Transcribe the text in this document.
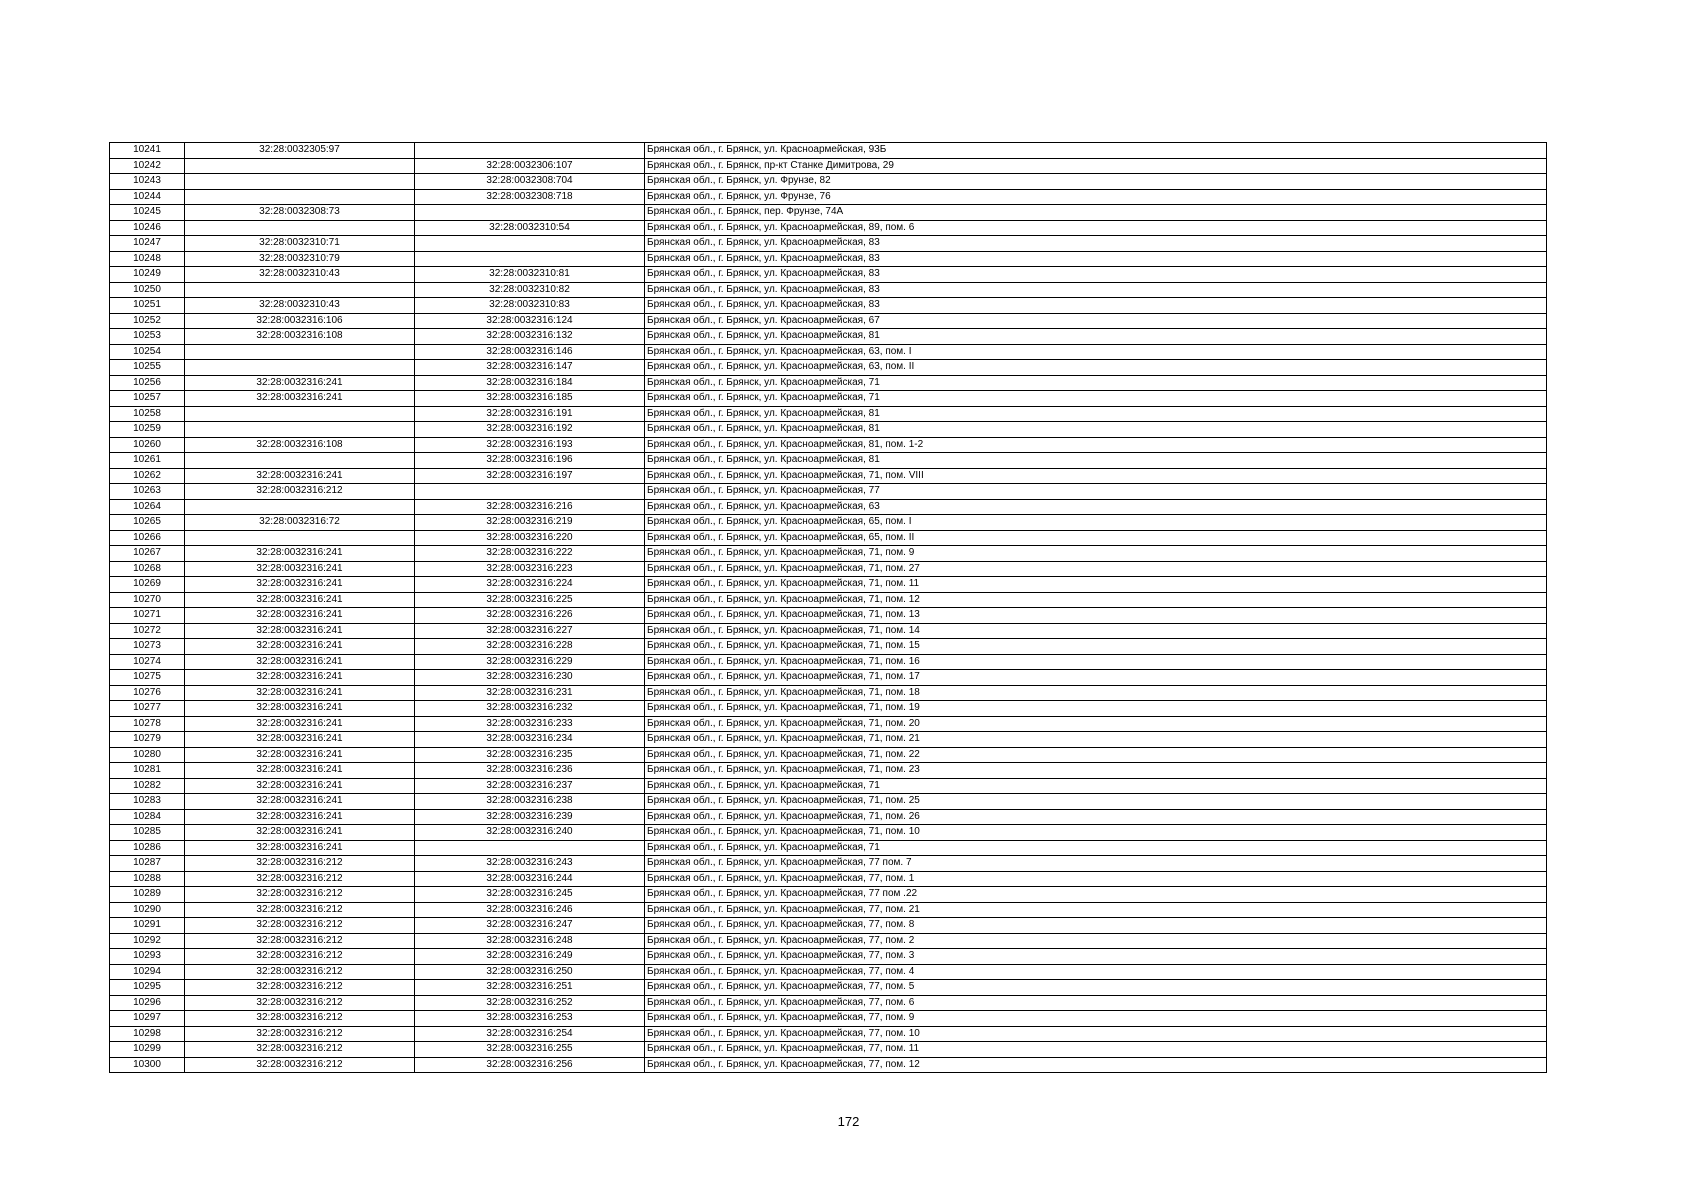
10241	32:28:0032305:97		Брянская обл., г. Брянск, ул. Красноармейская, 93Б
10242		32:28:0032306:107	Брянская обл., г. Брянск, пр-кт Станке Димитрова, 29
10243		32:28:0032308:704	Брянская обл., г. Брянск, ул. Фрунзе, 82
10244		32:28:0032308:718	Брянская обл., г. Брянск, ул. Фрунзе, 76
10245	32:28:0032308:73		Брянская обл., г. Брянск, пер. Фрунзе, 74А
10246		32:28:0032310:54	Брянская обл., г. Брянск, ул. Красноармейская, 89, пом. 6
10247	32:28:0032310:71		Брянская обл., г. Брянск, ул. Красноармейская, 83
10248	32:28:0032310:79		Брянская обл., г. Брянск, ул. Красноармейская, 83
10249	32:28:0032310:43	32:28:0032310:81	Брянская обл., г. Брянск, ул. Красноармейская, 83
10250		32:28:0032310:82	Брянская обл., г. Брянск, ул. Красноармейская, 83
10251	32:28:0032310:43	32:28:0032310:83	Брянская обл., г. Брянск, ул. Красноармейская, 83
10252	32:28:0032316:106	32:28:0032316:124	Брянская обл., г. Брянск, ул. Красноармейская, 67
10253	32:28:0032316:108	32:28:0032316:132	Брянская обл., г. Брянск, ул. Красноармейская, 81
10254		32:28:0032316:146	Брянская обл., г. Брянск, ул. Красноармейская, 63, пом. I
10255		32:28:0032316:147	Брянская обл., г. Брянск, ул. Красноармейская, 63, пом. II
10256	32:28:0032316:241	32:28:0032316:184	Брянская обл., г. Брянск, ул. Красноармейская, 71
10257	32:28:0032316:241	32:28:0032316:185	Брянская обл., г. Брянск, ул. Красноармейская, 71
10258		32:28:0032316:191	Брянская обл., г. Брянск, ул. Красноармейская, 81
10259		32:28:0032316:192	Брянская обл., г. Брянск, ул. Красноармейская, 81
10260	32:28:0032316:108	32:28:0032316:193	Брянская обл., г. Брянск, ул. Красноармейская, 81, пом. 1-2
10261		32:28:0032316:196	Брянская обл., г. Брянск, ул. Красноармейская, 81
10262	32:28:0032316:241	32:28:0032316:197	Брянская обл., г. Брянск, ул. Красноармейская, 71, пом. VIII
10263	32:28:0032316:212		Брянская обл., г. Брянск, ул. Красноармейская, 77
10264		32:28:0032316:216	Брянская обл., г. Брянск, ул. Красноармейская, 63
10265	32:28:0032316:72	32:28:0032316:219	Брянская обл., г. Брянск, ул. Красноармейская, 65, пом. I
10266		32:28:0032316:220	Брянская обл., г. Брянск, ул. Красноармейская, 65, пом. II
10267	32:28:0032316:241	32:28:0032316:222	Брянская обл., г. Брянск, ул. Красноармейская, 71, пом. 9
10268	32:28:0032316:241	32:28:0032316:223	Брянская обл., г. Брянск, ул. Красноармейская, 71, пом. 27
10269	32:28:0032316:241	32:28:0032316:224	Брянская обл., г. Брянск, ул. Красноармейская, 71, пом. 11
10270	32:28:0032316:241	32:28:0032316:225	Брянская обл., г. Брянск, ул. Красноармейская, 71, пом. 12
10271	32:28:0032316:241	32:28:0032316:226	Брянская обл., г. Брянск, ул. Красноармейская, 71, пом. 13
10272	32:28:0032316:241	32:28:0032316:227	Брянская обл., г. Брянск, ул. Красноармейская, 71, пом. 14
10273	32:28:0032316:241	32:28:0032316:228	Брянская обл., г. Брянск, ул. Красноармейская, 71, пом. 15
10274	32:28:0032316:241	32:28:0032316:229	Брянская обл., г. Брянск, ул. Красноармейская, 71, пом. 16
10275	32:28:0032316:241	32:28:0032316:230	Брянская обл., г. Брянск, ул. Красноармейская, 71, пом. 17
10276	32:28:0032316:241	32:28:0032316:231	Брянская обл., г. Брянск, ул. Красноармейская, 71, пом. 18
10277	32:28:0032316:241	32:28:0032316:232	Брянская обл., г. Брянск, ул. Красноармейская, 71, пом. 19
10278	32:28:0032316:241	32:28:0032316:233	Брянская обл., г. Брянск, ул. Красноармейская, 71, пом. 20
10279	32:28:0032316:241	32:28:0032316:234	Брянская обл., г. Брянск, ул. Красноармейская, 71, пом. 21
10280	32:28:0032316:241	32:28:0032316:235	Брянская обл., г. Брянск, ул. Красноармейская, 71, пом. 22
10281	32:28:0032316:241	32:28:0032316:236	Брянская обл., г. Брянск, ул. Красноармейская, 71, пом. 23
10282	32:28:0032316:241	32:28:0032316:237	Брянская обл., г. Брянск, ул. Красноармейская, 71
10283	32:28:0032316:241	32:28:0032316:238	Брянская обл., г. Брянск, ул. Красноармейская, 71, пом. 25
10284	32:28:0032316:241	32:28:0032316:239	Брянская обл., г. Брянск, ул. Красноармейская, 71, пом. 26
10285	32:28:0032316:241	32:28:0032316:240	Брянская обл., г. Брянск, ул. Красноармейская, 71, пом. 10
10286	32:28:0032316:241		Брянская обл., г. Брянск, ул. Красноармейская, 71
10287	32:28:0032316:212	32:28:0032316:243	Брянская обл., г. Брянск, ул. Красноармейская, 77 пом. 7
10288	32:28:0032316:212	32:28:0032316:244	Брянская обл., г. Брянск, ул. Красноармейская, 77, пом. 1
10289	32:28:0032316:212	32:28:0032316:245	Брянская обл., г. Брянск, ул. Красноармейская, 77 пом .22
10290	32:28:0032316:212	32:28:0032316:246	Брянская обл., г. Брянск, ул. Красноармейская, 77, пом. 21
10291	32:28:0032316:212	32:28:0032316:247	Брянская обл., г. Брянск, ул. Красноармейская, 77, пом. 8
10292	32:28:0032316:212	32:28:0032316:248	Брянская обл., г. Брянск, ул. Красноармейская, 77, пом. 2
10293	32:28:0032316:212	32:28:0032316:249	Брянская обл., г. Брянск, ул. Красноармейская, 77, пом. 3
10294	32:28:0032316:212	32:28:0032316:250	Брянская обл., г. Брянск, ул. Красноармейская, 77, пом. 4
10295	32:28:0032316:212	32:28:0032316:251	Брянская обл., г. Брянск, ул. Красноармейская, 77, пом. 5
10296	32:28:0032316:212	32:28:0032316:252	Брянская обл., г. Брянск, ул. Красноармейская, 77, пом. 6
10297	32:28:0032316:212	32:28:0032316:253	Брянская обл., г. Брянск, ул. Красноармейская, 77, пом. 9
10298	32:28:0032316:212	32:28:0032316:254	Брянская обл., г. Брянск, ул. Красноармейская, 77, пом. 10
10299	32:28:0032316:212	32:28:0032316:255	Брянская обл., г. Брянск, ул. Красноармейская, 77, пом. 11
10300	32:28:0032316:212	32:28:0032316:256	Брянская обл., г. Брянск, ул. Красноармейская, 77, пом. 12
172
